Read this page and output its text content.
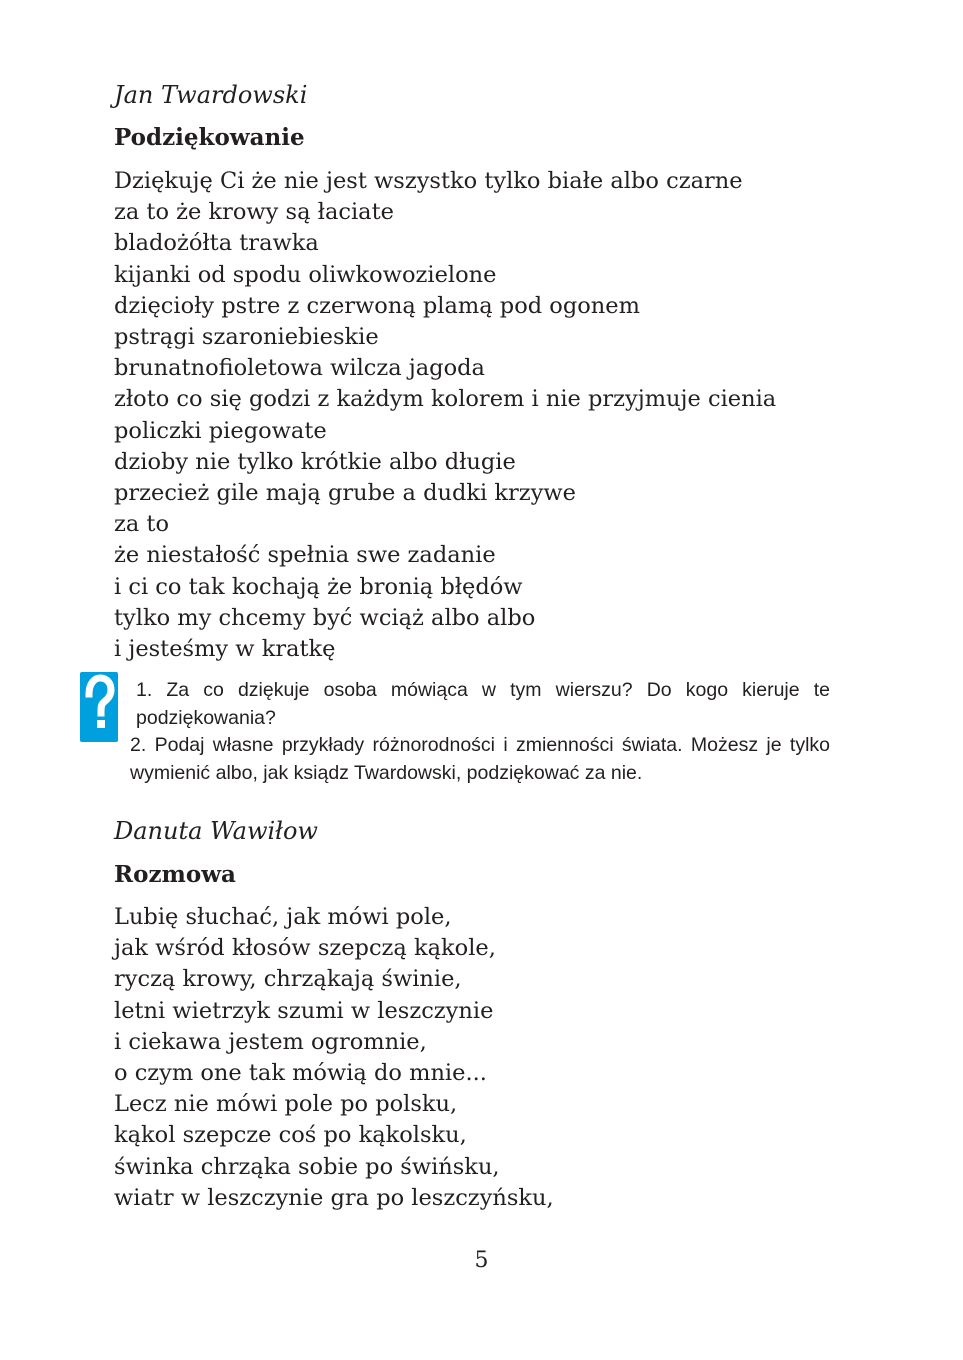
Jan Twardowski

Podziękowanie
Dziękuję Ci że nie jest wszystko tylko białe albo czarne
za to że krowy są łaciate
bladożółta trawka
kijanki od spodu oliwkowozielone
dzięcioły pstre z czerwoną plamą pod ogonem
pstrągi szaroniebieskie
brunatnofioletowa wilcza jagoda
złoto co się godzi z każdym kolorem i nie przyjmuje cienia
policzki piegowate
dzioby nie tylko krótkie albo długie
przecież gile mają grube a dudki krzywe
za to
że niestałość spełnia swe zadanie
i ci co tak kochają że bronią błędów
tylko my chcemy być wciąż albo albo
i jesteśmy w kratkę

1. Za co dziękuje osoba mówiąca w tym wierszu? Do kogo kieruje te podziękowania?

2. Podaj własne przykłady różnorodności i zmienności świata. Możesz je tylko wymienić albo, jak ksiądz Twardowski, podziękować za nie.

Danuta Wawiłow

Rozmowa
Lubię słuchać, jak mówi pole,
jak wśród kłosów szepczą kąkole,
ryczą krowy, chrząkają świnie,
letni wietrzyk szumi w leszczynie
i ciekawa jestem ogromnie,
o czym one tak mówią do mnie...
Lecz nie mówi pole po polsku,
kąkol szepcze coś po kąkolsku,
świnka chrząka sobie po świńsku,
wiatr w leszczynie gra po leszczyńsku,
5
